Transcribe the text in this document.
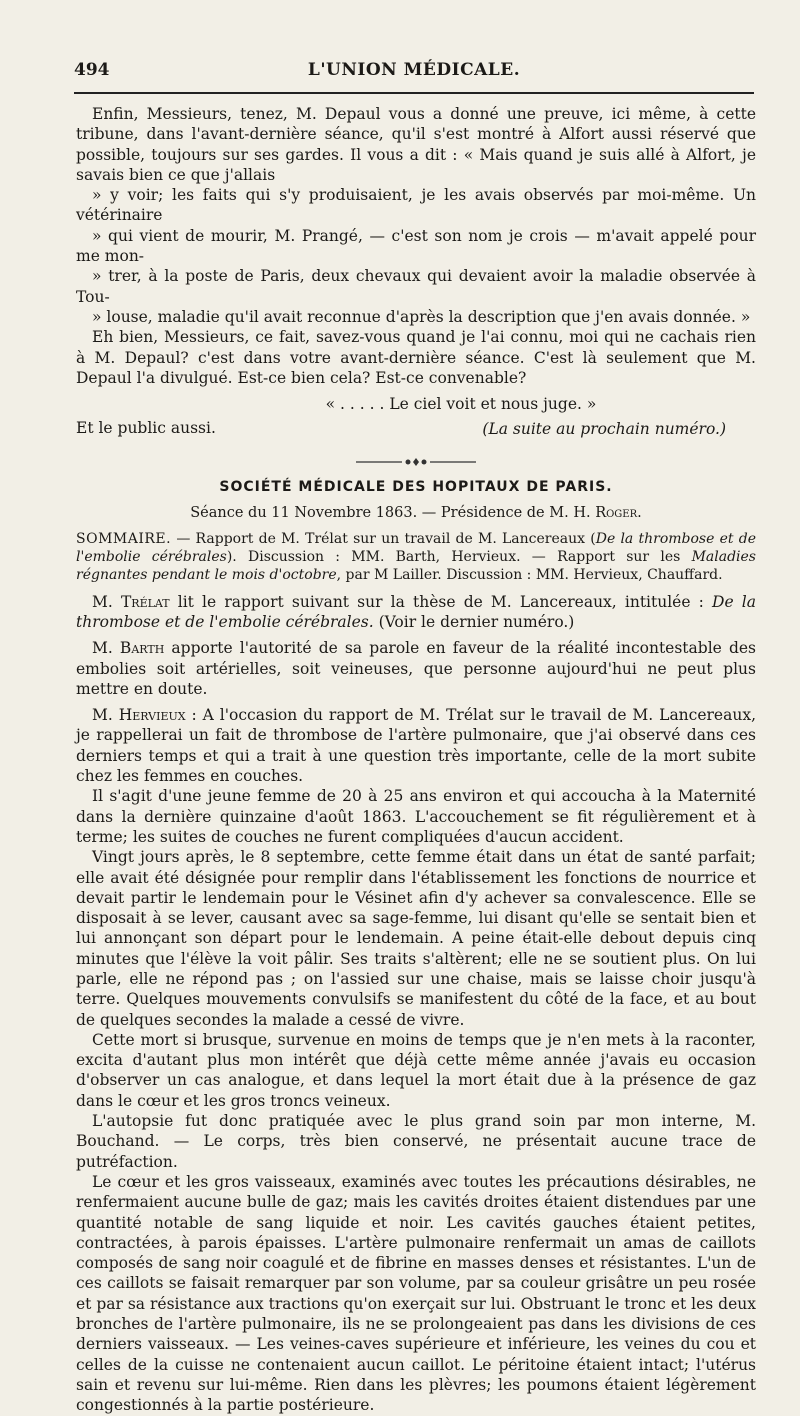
494	L'UNION MÉDICALE.

Enfin, Messieurs, tenez, M. Depaul vous a donné une preuve, ici même, à cette tribune, dans l'avant-dernière séance, qu'il s'est montré à Alfort aussi réservé que possible, toujours sur ses gardes. Il vous a dit : « Mais quand je suis allé à Alfort, je savais bien ce que j'allais
» y voir; les faits qui s'y produisaient, je les avais observés par moi-même. Un vétérinaire
» qui vient de mourir, M. Prangé, — c'est son nom je crois — m'avait appelé pour me mon-
» trer, à la poste de Paris, deux chevaux qui devaient avoir la maladie observée à Tou-
» louse, maladie qu'il avait reconnue d'après la description que j'en avais donnée. »

Eh bien, Messieurs, ce fait, savez-vous quand je l'ai connu, moi qui ne cachais rien à M. Depaul? c'est dans votre avant-dernière séance. C'est là seulement que M. Depaul l'a divulgué. Est-ce bien cela? Est-ce convenable?

« . . . . . Le ciel voit et nous juge. »

Et le public aussi.	(La suite au prochain numéro.)

SOCIÉTÉ MÉDICALE DES HOPITAUX DE PARIS.

Séance du 11 Novembre 1863. — Présidence de M. H. Roger.

SOMMAIRE. — Rapport de M. Trélat sur un travail de M. Lancereaux (De la thrombose et de l'embolie cérébrales). Discussion : MM. Barth, Hervieux. — Rapport sur les Maladies régnantes pendant le mois d'octobre, par M Lailler. Discussion : MM. Hervieux, Chauffard.

M. Trélat lit le rapport suivant sur la thèse de M. Lancereaux, intitulée : De la thrombose et de l'embolie cérébrales. (Voir le dernier numéro.)

M. Barth apporte l'autorité de sa parole en faveur de la réalité incontestable des embolies soit artérielles, soit veineuses, que personne aujourd'hui ne peut plus mettre en doute.

M. Hervieux : A l'occasion du rapport de M. Trélat sur le travail de M. Lancereaux, je rappellerai un fait de thrombose de l'artère pulmonaire, que j'ai observé dans ces derniers temps et qui a trait à une question très importante, celle de la mort subite chez les femmes en couches.

Il s'agit d'une jeune femme de 20 à 25 ans environ et qui accoucha à la Maternité dans la dernière quinzaine d'août 1863. L'accouchement se fit régulièrement et à terme; les suites de couches ne furent compliquées d'aucun accident.

Vingt jours après, le 8 septembre, cette femme était dans un état de santé parfait; elle avait été désignée pour remplir dans l'établissement les fonctions de nourrice et devait partir le lendemain pour le Vésinet afin d'y achever sa convalescence. Elle se disposait à se lever, causant avec sa sage-femme, lui disant qu'elle se sentait bien et lui annonçant son départ pour le lendemain. A peine était-elle debout depuis cinq minutes que l'élève la voit pâlir. Ses traits s'altèrent; elle ne se soutient plus. On lui parle, elle ne répond pas ; on l'assied sur une chaise, mais se laisse choir jusqu'à terre. Quelques mouvements convulsifs se manifestent du côté de la face, et au bout de quelques secondes la malade a cessé de vivre.

Cette mort si brusque, survenue en moins de temps que je n'en mets à la raconter, excita d'autant plus mon intérêt que déjà cette même année j'avais eu occasion d'observer un cas analogue, et dans lequel la mort était due à la présence de gaz dans le cœur et les gros troncs veineux.

L'autopsie fut donc pratiquée avec le plus grand soin par mon interne, M. Bouchand. — Le corps, très bien conservé, ne présentait aucune trace de putréfaction.

Le cœur et les gros vaisseaux, examinés avec toutes les précautions désirables, ne renfermaient aucune bulle de gaz; mais les cavités droites étaient distendues par une quantité notable de sang liquide et noir. Les cavités gauches étaient petites, contractées, à parois épaisses. L'artère pulmonaire renfermait un amas de caillots composés de sang noir coagulé et de fibrine en masses denses et résistantes. L'un de ces caillots se faisait remarquer par son volume, par sa couleur grisâtre un peu rosée et par sa résistance aux tractions qu'on exerçait sur lui. Obstruant le tronc et les deux bronches de l'artère pulmonaire, ils ne se prolongeaient pas dans les divisions de ces derniers vaisseaux. — Les veines-caves supérieure et inférieure, les veines du cou et celles de la cuisse ne contenaient aucun caillot. Le péritoine étaient intact; l'utérus sain et revenu sur lui-même. Rien dans les plèvres; les poumons étaient légèrement congestionnés à la partie postérieure.
